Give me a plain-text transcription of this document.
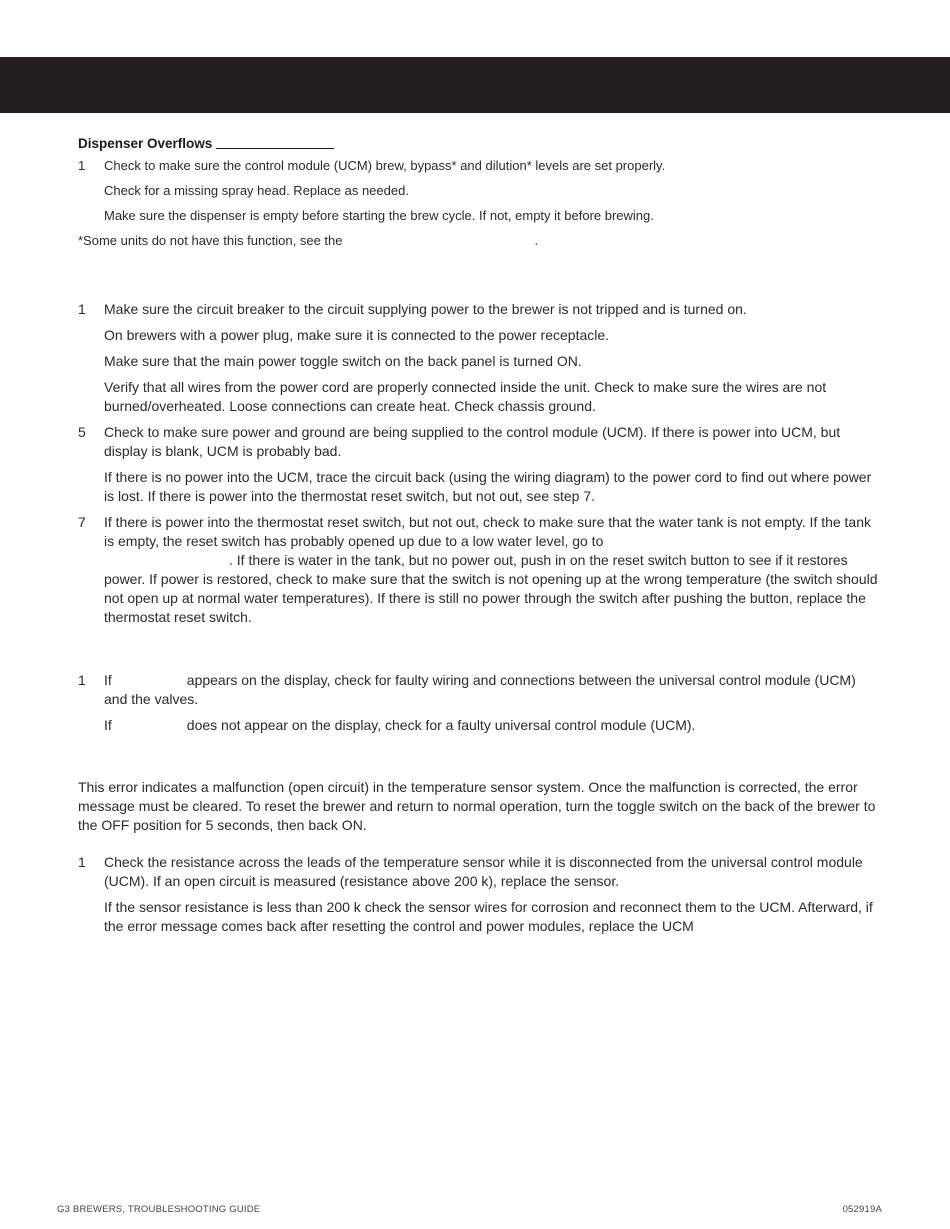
Dispenser Overflows
1 Check to make sure the control module (UCM) brew, bypass* and dilution* levels are set properly.
Check for a missing spray head. Replace as needed.
Make sure the dispenser is empty before starting the brew cycle. If not, empty it before brewing.
*Some units do not have this function, see the	.
1 Make sure the circuit breaker to the circuit supplying power to the brewer is not tripped and is turned on.
On brewers with a power plug, make sure it is connected to the power receptacle.
Make sure that the main power toggle switch on the back panel is turned ON.
Verify that all wires from the power cord are properly connected inside the unit. Check to make sure the wires are not burned/overheated. Loose connections can create heat. Check chassis ground.
5 Check to make sure power and ground are being supplied to the control module (UCM). If there is power into UCM, but display is blank, UCM is probably bad.
If there is no power into the UCM, trace the circuit back (using the wiring diagram) to the power cord to find out where power is lost. If there is power into the thermostat reset switch, but not out, see step 7.
7 If there is power into the thermostat reset switch, but not out, check to make sure that the water tank is not empty. If the tank is empty, the reset switch has probably opened up due to a low water level, go to
. If there is water in the tank, but no power out, push in on the reset switch button to see if it restores power. If power is restored, check to make sure that the switch is not opening up at the wrong temperature (the switch should not open up at normal water temperatures). If there is still no power through the switch after pushing the button, replace the thermostat reset switch.
1 If	appears on the display, check for faulty wiring and connections between the universal control module (UCM) and the valves.
If	does not appear on the display, check for a faulty universal control module (UCM).
This error indicates a malfunction (open circuit) in the temperature sensor system. Once the malfunction is corrected, the error message must be cleared. To reset the brewer and return to normal operation, turn the toggle switch on the back of the brewer to the OFF position for 5 seconds, then back ON.
1 Check the resistance across the leads of the temperature sensor while it is disconnected from the universal control module (UCM). If an open circuit is measured (resistance above 200 k), replace the sensor.
If the sensor resistance is less than 200 k check the sensor wires for corrosion and reconnect them to the UCM. Afterward, if the error message comes back after resetting the control and power modules, replace the UCM
G3 BREWERS, TROUBLESHOOTING GUIDE	052919A
